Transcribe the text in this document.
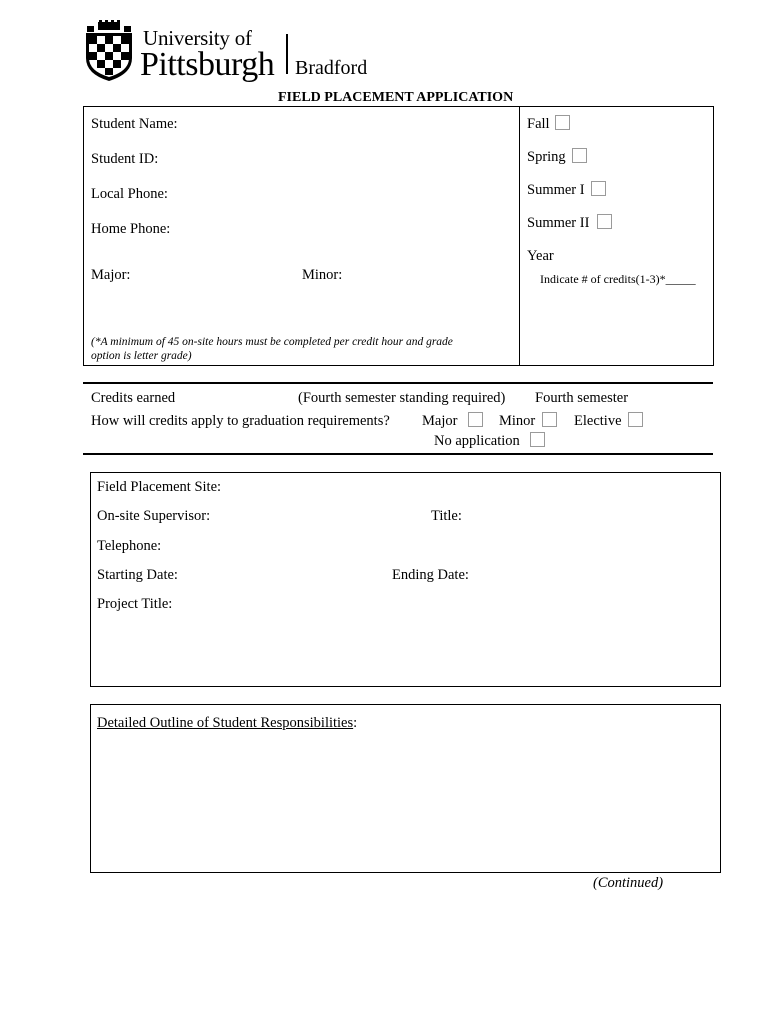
University of
Pittsburgh Bradford
FIELD PLACEMENT APPLICATION
Student Name:
Student ID:
Local Phone:
Home Phone:
Major:	Minor:
(*A minimum of 45 on-site hours must be completed per credit hour and grade
option is letter grade)
Fall
Spring
Summer I
Summer II
Year
Indicate # of credits(1-3)*_____
Credits earned	(Fourth semester standing required) Fourth semester
How will credits apply to graduation requirements? Major	Minor	Elective
No application
Field Placement Site:
On-site Supervisor:	Title:
Telephone:
Starting Date:	Ending Date:
Project Title:
Detailed Outline of Student Responsibilities:
(Continued)
